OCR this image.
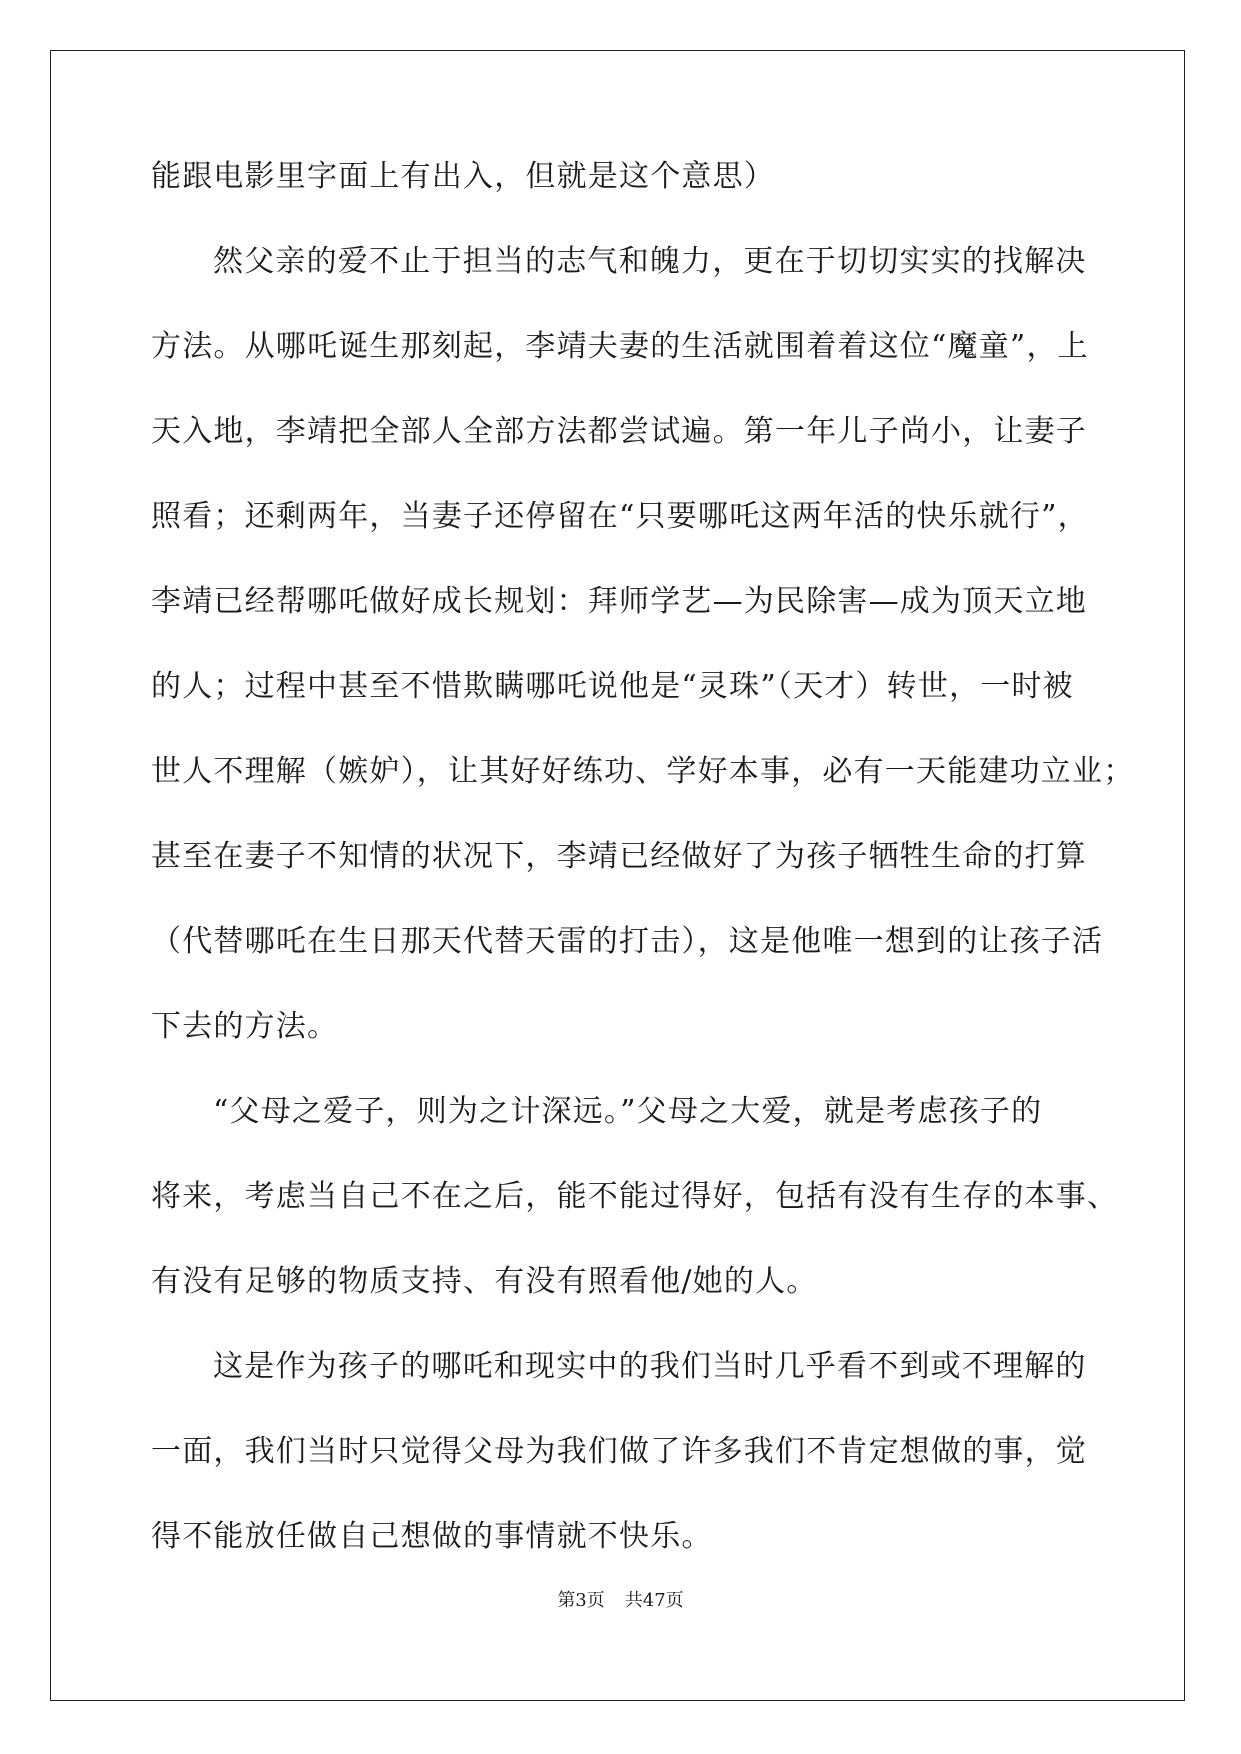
能跟电影里字面上有出入，但就是这个意思）
然父亲的爱不止于担当的志气和魄力，更在于切切实实的找解决
方法。从哪吒诞生那刻起，李靖夫妻的生活就围着着这位“魔童”，上
天入地，李靖把全部人全部方法都尝试遍。第一年儿子尚小，让妻子
照看；还剩两年，当妻子还停留在“只要哪吒这两年活的快乐就行”，
李靖已经帮哪吒做好成长规划：拜师学艺—为民除害—成为顶天立地
的人；过程中甚至不惜欺瞒哪吒说他是“灵珠”（天才）转世，一时被
世人不理解（嫉妒），让其好好练功、学好本事，必有一天能建功立业；
甚至在妻子不知情的状况下，李靖已经做好了为孩子牺牲生命的打算
（代替哪吒在生日那天代替天雷的打击），这是他唯一想到的让孩子活
下去的方法。
“父母之爱子，则为之计深远。”父母之大爱，就是考虑孩子的
将来，考虑当自己不在之后，能不能过得好，包括有没有生存的本事、
有没有足够的物质支持、有没有照看他/她的人。
这是作为孩子的哪吒和现实中的我们当时几乎看不到或不理解的
一面，我们当时只觉得父母为我们做了许多我们不肯定想做的事，觉
得不能放任做自己想做的事情就不快乐。
第3页 共47页
